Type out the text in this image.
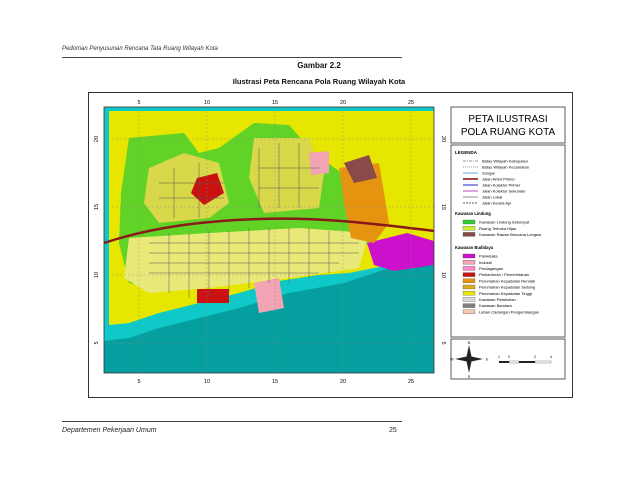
Pedoman Penyusunan Rencana Tata Ruang Wilayah Kota
Gambar 2.2
Ilustrasi Peta Rencana Pola Ruang Wilayah Kota
5	10	15	20	25
5	10	15	20	25
20
15
10
5
20
15
10
5
PETA ILUSTRASI
POLA RUANG KOTA
LEGENDA
Batas Wilayah Kabupaten
Batas Wilayah Kecamatan
Sungai
Jalan Arteri Primer
Jalan Kolektor Primer
Jalan Kolektor Sekunder
Jalan Lokal
Jalan Kereta Api
Kawasan Lindung
Kawasan Lindung Setempat
Ruang Terbuka Hijau
Kawasan Rawan Bencana Longsor
Kawasan Budidaya
Pariwisata
Industri
Perdagangan
Perkantoran / Pemerintahan
Perumahan Kepadatan Rendah
Perumahan Kepadatan Sedang
Perumahan Kepadatan Tinggi
Kawasan Pelabuhan
Kawasan Bandara
Lahan Cadangan Pengembangan
N
S
E
W
1 0	2	4
Departemen Pekerjaan Umum	25
